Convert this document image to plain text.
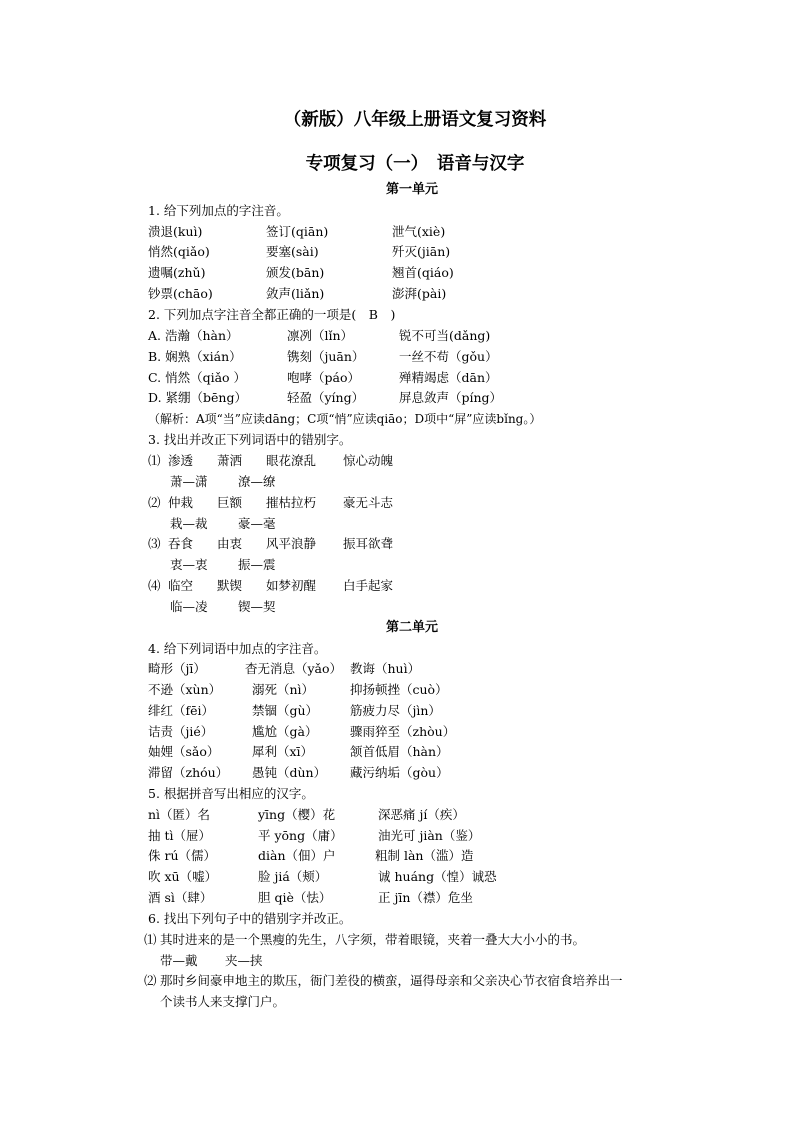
（新版）八年级上册语文复习资料
专项复习（一）　语音与汉字
第一单元
1. 给下列加点的字注音。
溃退(kuì)	签订(qiān)	泄气(xiè)
悄然(qiǎo)	要塞(sài)	歼灭(jiān)
遗嘱(zhǔ)	颁发(bān)	翘首(qiáo)
钞票(chāo)	敛声(liǎn)	澎湃(pài)
2. 下列加点字注音全都正确的一项是(　B　)
A. 浩瀚（hàn）	凛冽（lǐn）	锐不可当(dǎng)
B. 娴熟（xián）	镌刻（juān）	一丝不苟（gǒu）
C. 悄然（qiǎo ）	咆哮（páo）	殚精竭虑（dān）
D. 紧绷（bēng）	轻盈（yíng）	屏息敛声（píng）
（解析：A项“当”应读dāng；C项“悄”应读qiāo；D项中“屏”应读bǐng。）
3. 找出并改正下列词语中的错别字。
⑴ 渗透 萧洒 眼花潦乱 惊心动魄
萧—潇 潦—缭
⑵ 仲栽 巨额 摧枯拉朽 豪无斗志
栽—裁 豪—毫
⑶ 吞食 由衷 风平浪静 振耳欲聋
衷—衷 振—震
⑷ 临空 默锲 如梦初醒 白手起家
临—凌 锲—契
第二单元
4. 给下列词语中加点的字注音。
畸形（jī）	杳无消息（yǎo） 教诲（huì）
不逊（xùn） 溺死（nì）	抑扬顿挫（cuò）
绯红（fēi）	禁锢（gù）	筋疲力尽（jìn）
诘责（jié）	尴尬（gà）	骤雨猝至（zhòu）
妯娌（sǎo）	犀利（xī）	颔首低眉（hàn）
滞留（zhóu） 愚钝（dùn） 藏污纳垢（gòu）
5. 根据拼音写出相应的汉字。
nì（匿）名	yīng（樱）花	深恶痛 jí（疾）
抽 tì（屉）	平 yōng（庸）	油光可 jiàn（鉴）
侏 rú（儒）	diàn（佃）户	粗制 làn（滥）造
吹 xū（嘘）	脸 jiá（颊）	诚 huáng（惶）诚恐
酒 sì（肆）	胆 qiè（怯）	正 jīn（襟）危坐
6. 找出下列句子中的错别字并改正。
⑴ 其时进来的是一个黑瘦的先生，八字须，带着眼镜，夹着一叠大大小小的书。
带—戴 夹—挟
⑵ 那时乡间豪申地主的欺压，衙门差役的横蛮，逼得母亲和父亲决心节衣宿食培养出一
个读书人来支撑门户。
